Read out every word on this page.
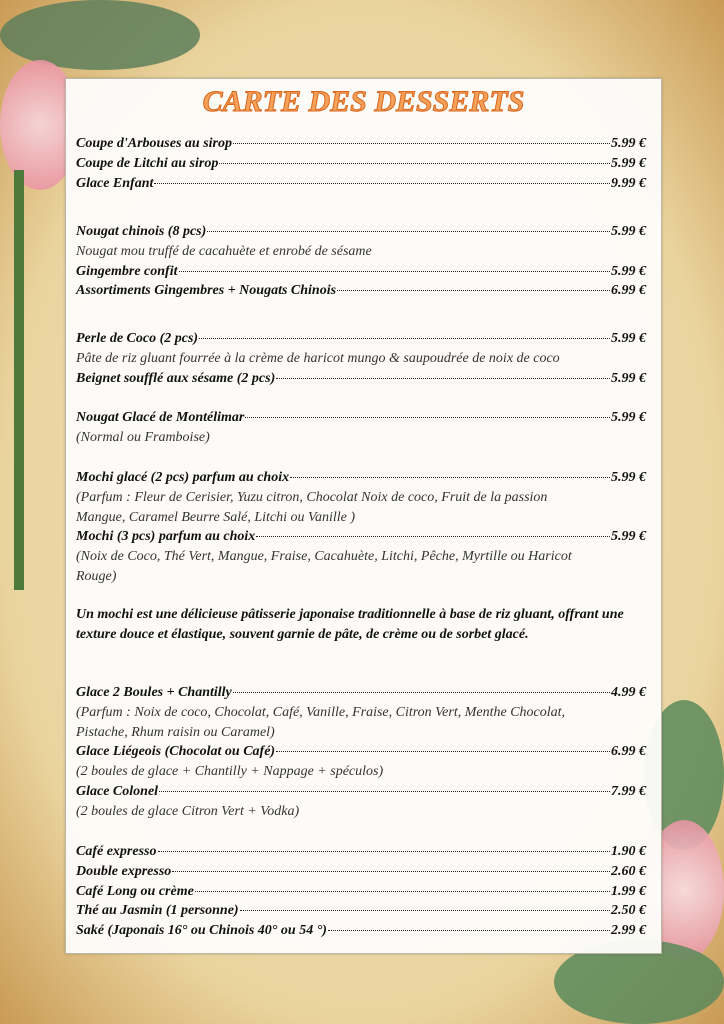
CARTE DES DESSERTS
Coupe d'Arbouses au sirop	5.99 €
Coupe de Litchi au sirop	5.99 €
Glace Enfant	9.99 €
Nougat chinois (8 pcs)	5.99 €
Nougat mou truffé de cacahuète et enrobé de sésame
Gingembre confit	5.99 €
Assortiments Gingembres + Nougats Chinois	6.99 €
Perle de Coco (2 pcs)	5.99 €
Pâte de riz gluant fourrée à la crème de haricot mungo & saupoudrée de noix de coco
Beignet soufflé aux sésame (2 pcs)	5.99 €
Nougat Glacé de Montélimar	5.99 €
(Normal ou Framboise)
Mochi glacé (2 pcs) parfum au choix	5.99 €
(Parfum : Fleur de Cerisier, Yuzu citron, Chocolat Noix de coco, Fruit de la passion
Mangue, Caramel Beurre Salé, Litchi ou Vanille )
Mochi (3 pcs) parfum au choix	5.99 €
(Noix de Coco, Thé Vert, Mangue, Fraise, Cacahuète, Litchi, Pêche, Myrtille ou Haricot
Rouge)
Un mochi est une délicieuse pâtisserie japonaise traditionnelle à base de riz gluant, offrant une texture douce et élastique, souvent garnie de pâte, de crème ou de sorbet glacé.
Glace 2 Boules + Chantilly	4.99 €
(Parfum : Noix de coco, Chocolat, Café, Vanille, Fraise, Citron Vert, Menthe Chocolat,
Pistache, Rhum raisin ou Caramel)
Glace Liégeois (Chocolat ou Café)	6.99 €
(2 boules de glace + Chantilly + Nappage + spéculos)
Glace Colonel	7.99 €
(2 boules de glace Citron Vert + Vodka)
Café expresso	1.90 €
Double expresso	2.60 €
Café Long ou crème	1.99 €
Thé au Jasmin (1 personne)	2.50 €
Saké (Japonais 16° ou Chinois 40° ou 54 °)	2.99 €
